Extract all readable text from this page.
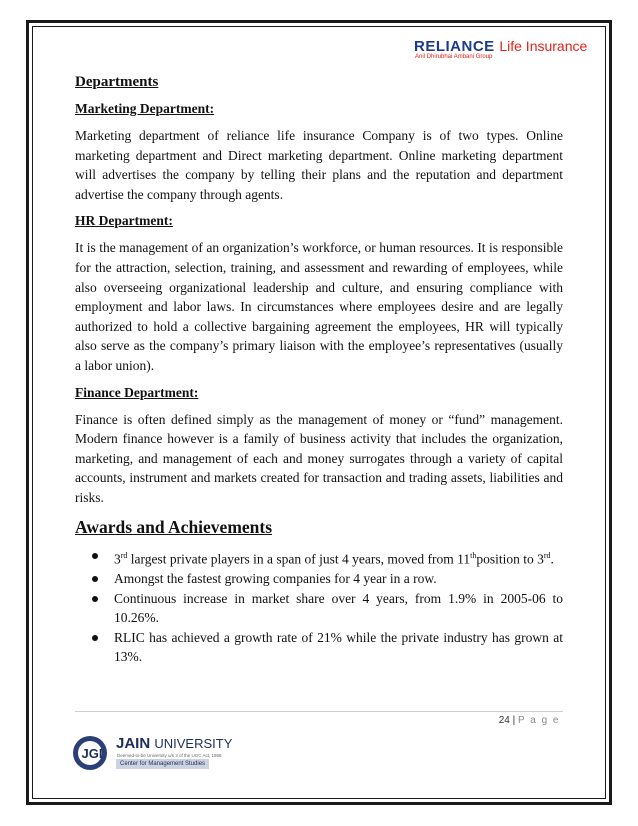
RELIANCE Life Insurance
Anil Dhirubhai Ambani Group
Departments
Marketing Department:

Marketing department of reliance life insurance Company is of two types. Online marketing department and Direct marketing department. Online marketing department will advertises the company by telling their plans and the reputation and department advertise the company through agents.

HR Department:

It is the management of an organization’s workforce, or human resources. It is responsible for the attraction, selection, training, and assessment and rewarding of employees, while also overseeing organizational leadership and culture, and ensuring compliance with employment and labor laws. In circumstances where employees desire and are legally authorized to hold a collective bargaining agreement the employees, HR will typically also serve as the company’s primary liaison with the employee’s representatives (usually a labor union).

Finance Department:

Finance is often defined simply as the management of money or “fund” management. Modern finance however is a family of business activity that includes the organization, marketing, and management of each and money surrogates through a variety of capital accounts, instrument and markets created for transaction and trading assets, liabilities and risks.

Awards and Achievements
3rd largest private players in a span of just 4 years, moved from 11thposition to 3rd.
Amongst the fastest growing companies for 4 year in a row.
Continuous increase in market share over 4 years, from 1.9% in 2005-06 to 10.26%.
RLIC has achieved a growth rate of 21% while the private industry has grown at 13%.
24 | P a g e
JGI
JAIN UNIVERSITY
Deemed-to-be University u/s 3 of the UGC Act, 1956
Center for Management Studies
